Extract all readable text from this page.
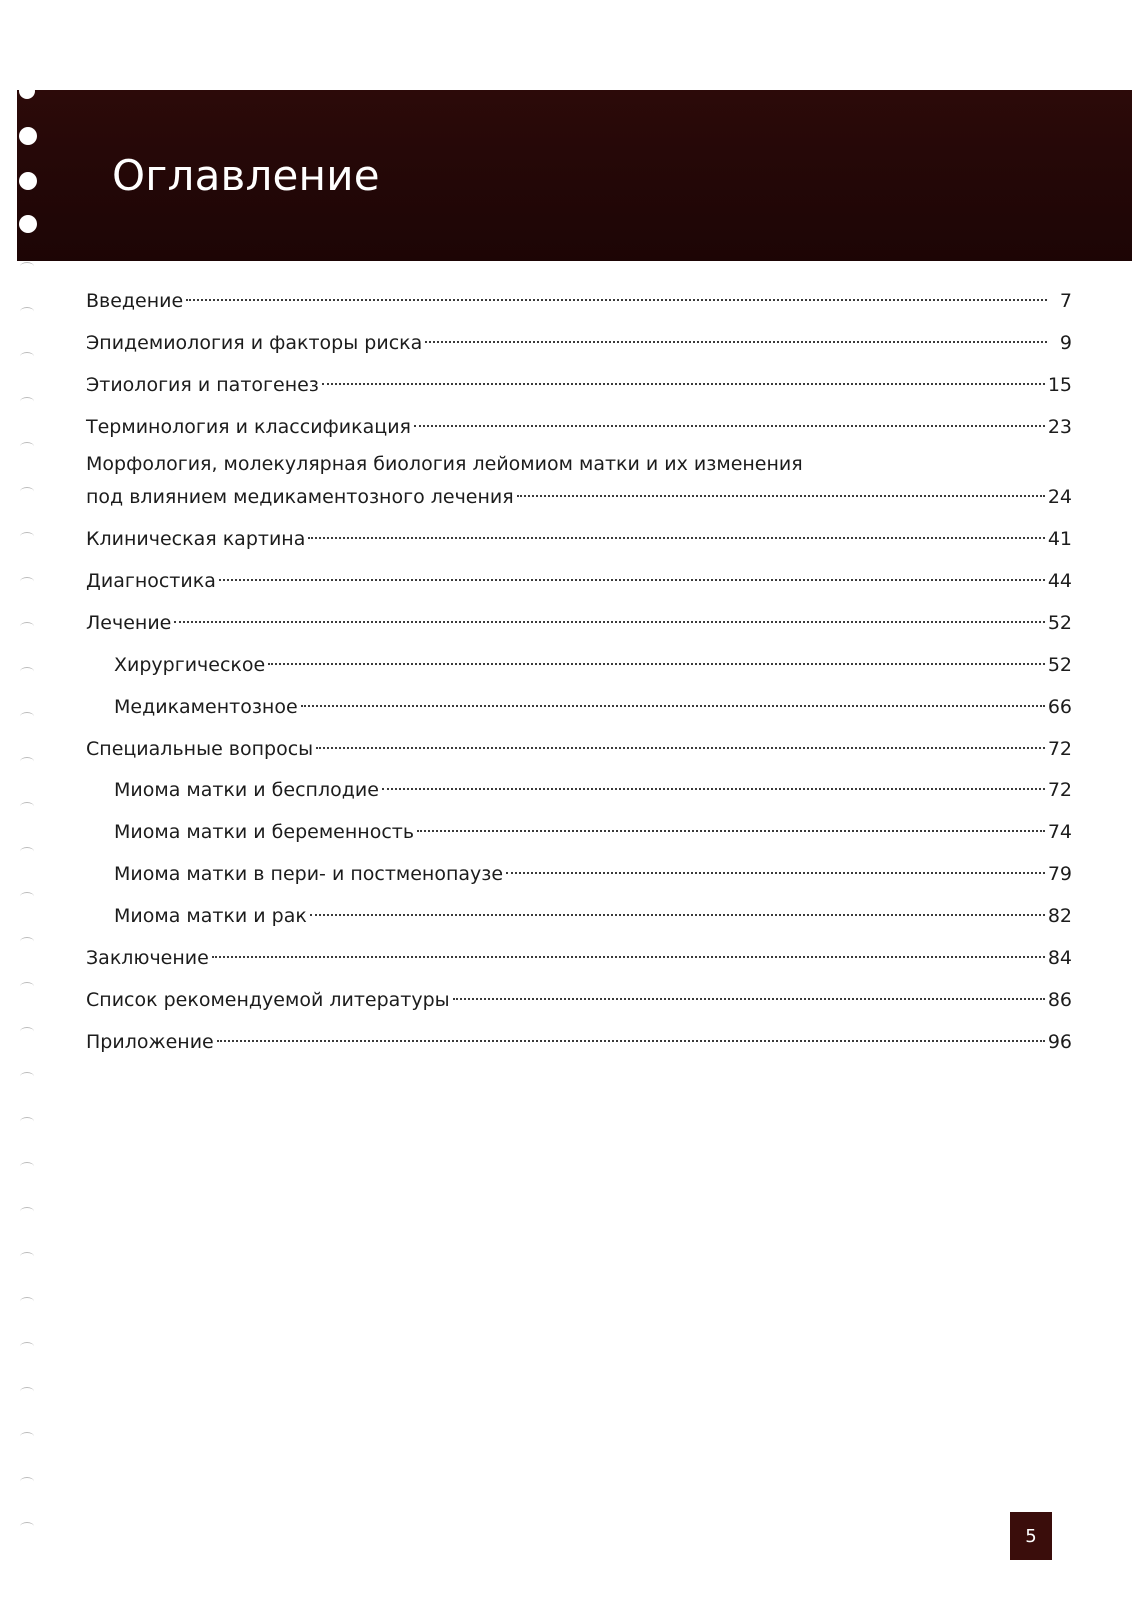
Оглавление
Введение	7
Эпидемиология и факторы риска	9
Этиология и патогенез	15
Терминология и классификация	23
Морфология, молекулярная биология лейомиом матки и их изменения
под влиянием медикаментозного лечения	24
Клиническая картина	41
Диагностика	44
Лечение	52
Хирургическое	52
Медикаментозное	66
Специальные вопросы	72
Миома матки и бесплодие	72
Миома матки и беременность	74
Миома матки в пери- и постменопаузе	79
Миома матки и рак	82
Заключение	84
Список рекомендуемой литературы	86
Приложение	96
5
